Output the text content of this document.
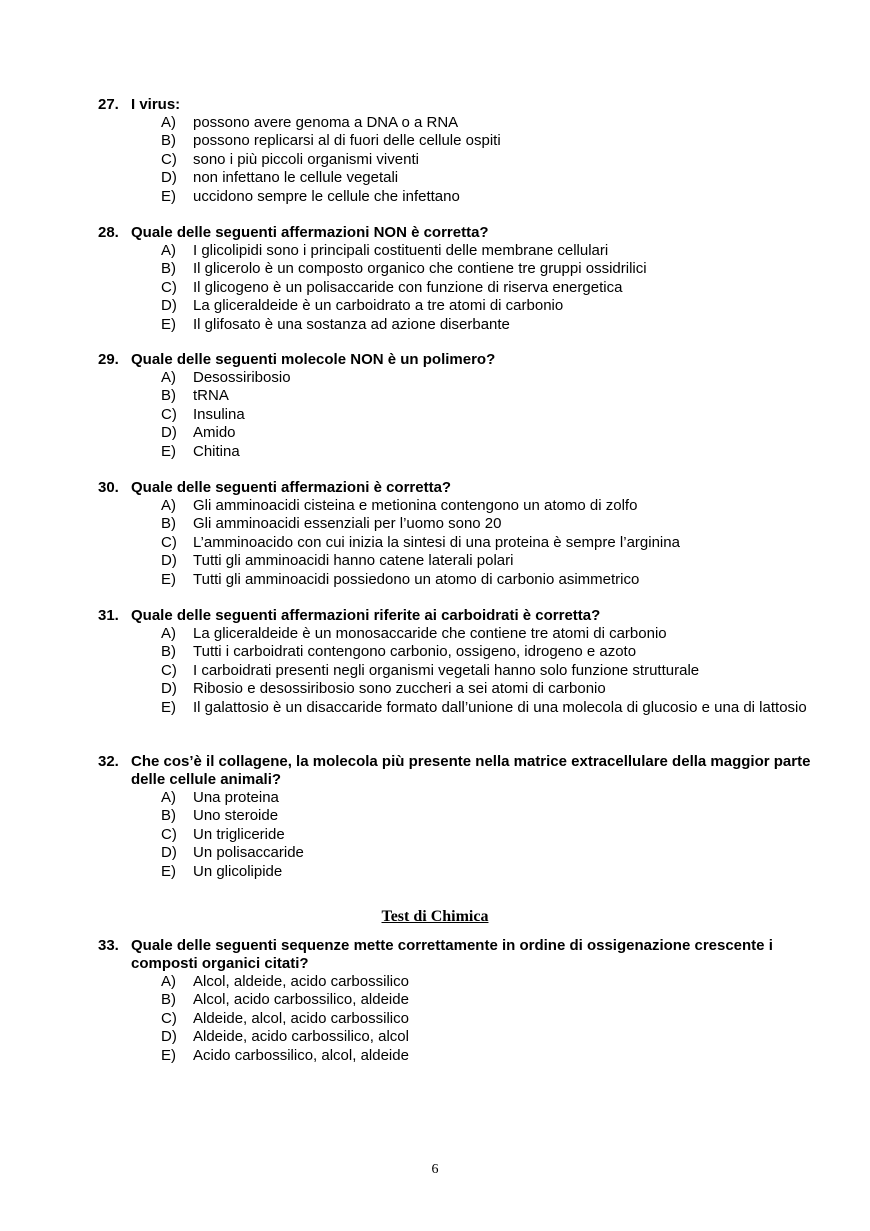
Test di Chimica
6
27. I virus:
A) possono avere genoma a DNA o a RNA
B) possono replicarsi al di fuori delle cellule ospiti
C) sono i più piccoli organismi viventi
D) non infettano le cellule vegetali
E) uccidono sempre le cellule che infettano
28. Quale delle seguenti affermazioni NON è corretta?
A) I glicolipidi sono i principali costituenti delle membrane cellulari
B) Il glicerolo è un composto organico che contiene tre gruppi ossidrilici
C) Il glicogeno è un polisaccaride con funzione di riserva energetica
D) La gliceraldeide è un carboidrato a tre atomi di carbonio
E) Il glifosato è una sostanza ad azione diserbante
29. Quale delle seguenti molecole NON è un polimero?
A) Desossiribosio
B) tRNA
C) Insulina
D) Amido
E) Chitina
30. Quale delle seguenti affermazioni è corretta?
A) Gli amminoacidi cisteina e metionina contengono un atomo di zolfo
B) Gli amminoacidi essenziali per l’uomo sono 20
C) L’amminoacido con cui inizia la sintesi di una proteina è sempre l’arginina
D) Tutti gli amminoacidi hanno catene laterali polari
E) Tutti gli amminoacidi possiedono un atomo di carbonio asimmetrico
31. Quale delle seguenti affermazioni riferite ai carboidrati è corretta?
A) La gliceraldeide è un monosaccaride che contiene tre atomi di carbonio
B) Tutti i carboidrati contengono carbonio, ossigeno, idrogeno e azoto
C) I carboidrati presenti negli organismi vegetali hanno solo funzione strutturale
D) Ribosio e desossiribosio sono zuccheri a sei atomi di carbonio
E) Il galattosio è un disaccaride formato dall’unione di una molecola di glucosio e una di lattosio
32. Che cos’è il collagene, la molecola più presente nella matrice extracellulare della maggior parte delle cellule animali?
A) Una proteina
B) Uno steroide
C) Un trigliceride
D) Un polisaccaride
E) Un glicolipide
33. Quale delle seguenti sequenze mette correttamente in ordine di ossigenazione crescente i composti organici citati?
A) Alcol, aldeide, acido carbossilico
B) Alcol, acido carbossilico, aldeide
C) Aldeide, alcol, acido carbossilico
D) Aldeide, acido carbossilico, alcol
E) Acido carbossilico, alcol, aldeide
